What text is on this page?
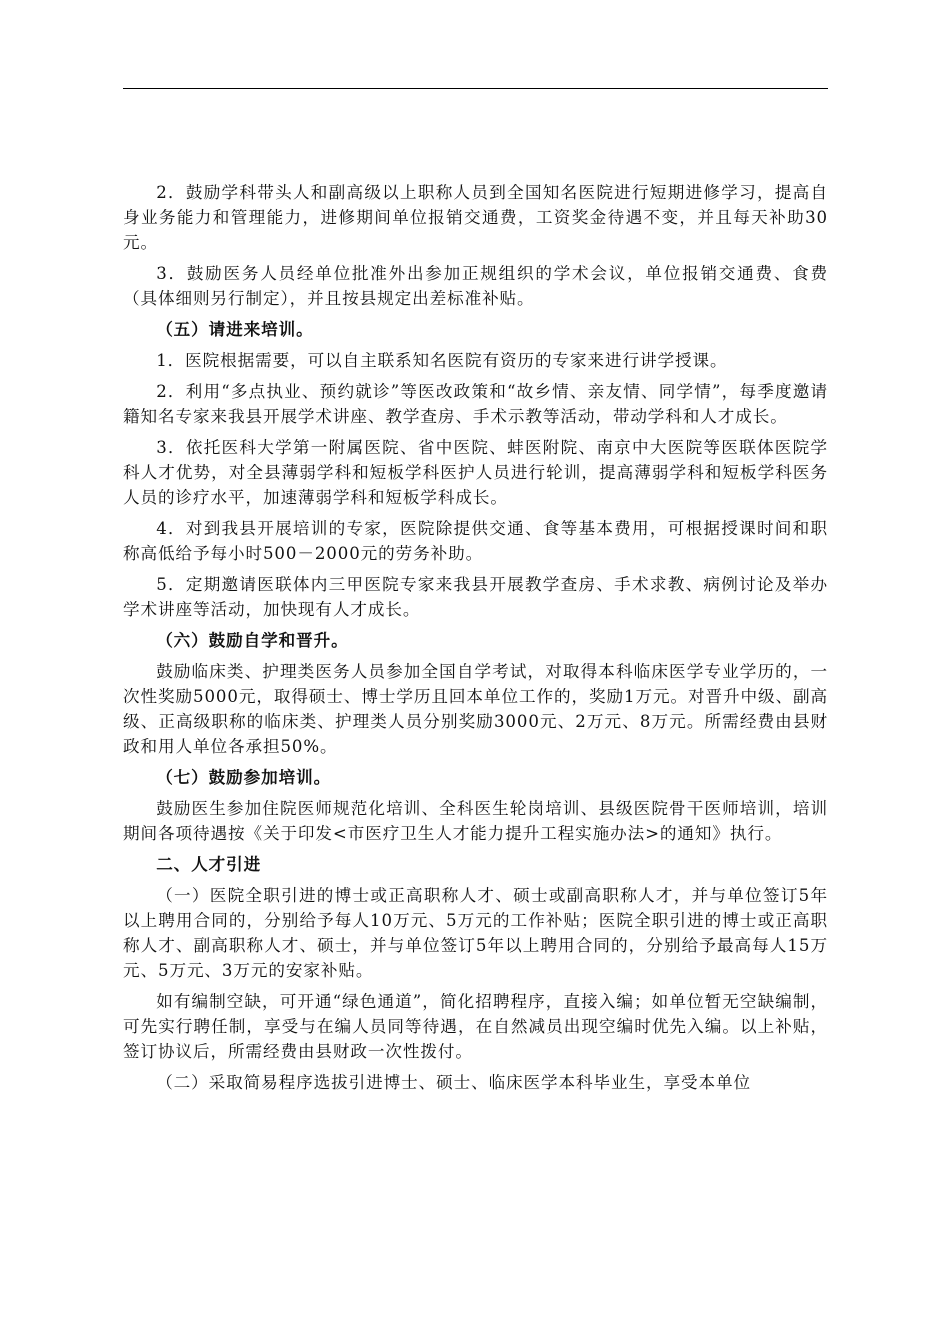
2．鼓励学科带头人和副高级以上职称人员到全国知名医院进行短期进修学习，提高自身业务能力和管理能力，进修期间单位报销交通费，工资奖金待遇不变，并且每天补助30元。

3．鼓励医务人员经单位批准外出参加正规组织的学术会议，单位报销交通费、食费（具体细则另行制定），并且按县规定出差标准补贴。

（五）请进来培训。

1．医院根据需要，可以自主联系知名医院有资历的专家来进行讲学授课。

2．利用“多点执业、预约就诊”等医改政策和“故乡情、亲友情、同学情”，每季度邀请籍知名专家来我县开展学术讲座、教学查房、手术示教等活动，带动学科和人才成长。

3．依托医科大学第一附属医院、省中医院、蚌医附院、南京中大医院等医联体医院学科人才优势，对全县薄弱学科和短板学科医护人员进行轮训，提高薄弱学科和短板学科医务人员的诊疗水平，加速薄弱学科和短板学科成长。

4．对到我县开展培训的专家，医院除提供交通、食等基本费用，可根据授课时间和职称高低给予每小时500－2000元的劳务补助。

5．定期邀请医联体内三甲医院专家来我县开展教学查房、手术求教、病例讨论及举办学术讲座等活动，加快现有人才成长。

（六）鼓励自学和晋升。

鼓励临床类、护理类医务人员参加全国自学考试，对取得本科临床医学专业学历的，一次性奖励5000元，取得硕士、博士学历且回本单位工作的，奖励1万元。对晋升中级、副高级、正高级职称的临床类、护理类人员分别奖励3000元、2万元、8万元。所需经费由县财政和用人单位各承担50%。

（七）鼓励参加培训。

鼓励医生参加住院医师规范化培训、全科医生轮岗培训、县级医院骨干医师培训，培训期间各项待遇按《关于印发<市医疗卫生人才能力提升工程实施办法>的通知》执行。

二、人才引进

（一）医院全职引进的博士或正高职称人才、硕士或副高职称人才，并与单位签订5年以上聘用合同的，分别给予每人10万元、5万元的工作补贴；医院全职引进的博士或正高职称人才、副高职称人才、硕士，并与单位签订5年以上聘用合同的，分别给予最高每人15万元、5万元、3万元的安家补贴。

如有编制空缺，可开通“绿色通道”，简化招聘程序，直接入编；如单位暂无空缺编制，可先实行聘任制，享受与在编人员同等待遇，在自然减员出现空编时优先入编。以上补贴，签订协议后，所需经费由县财政一次性拨付。

（二）采取简易程序选拔引进博士、硕士、临床医学本科毕业生，享受本单位
